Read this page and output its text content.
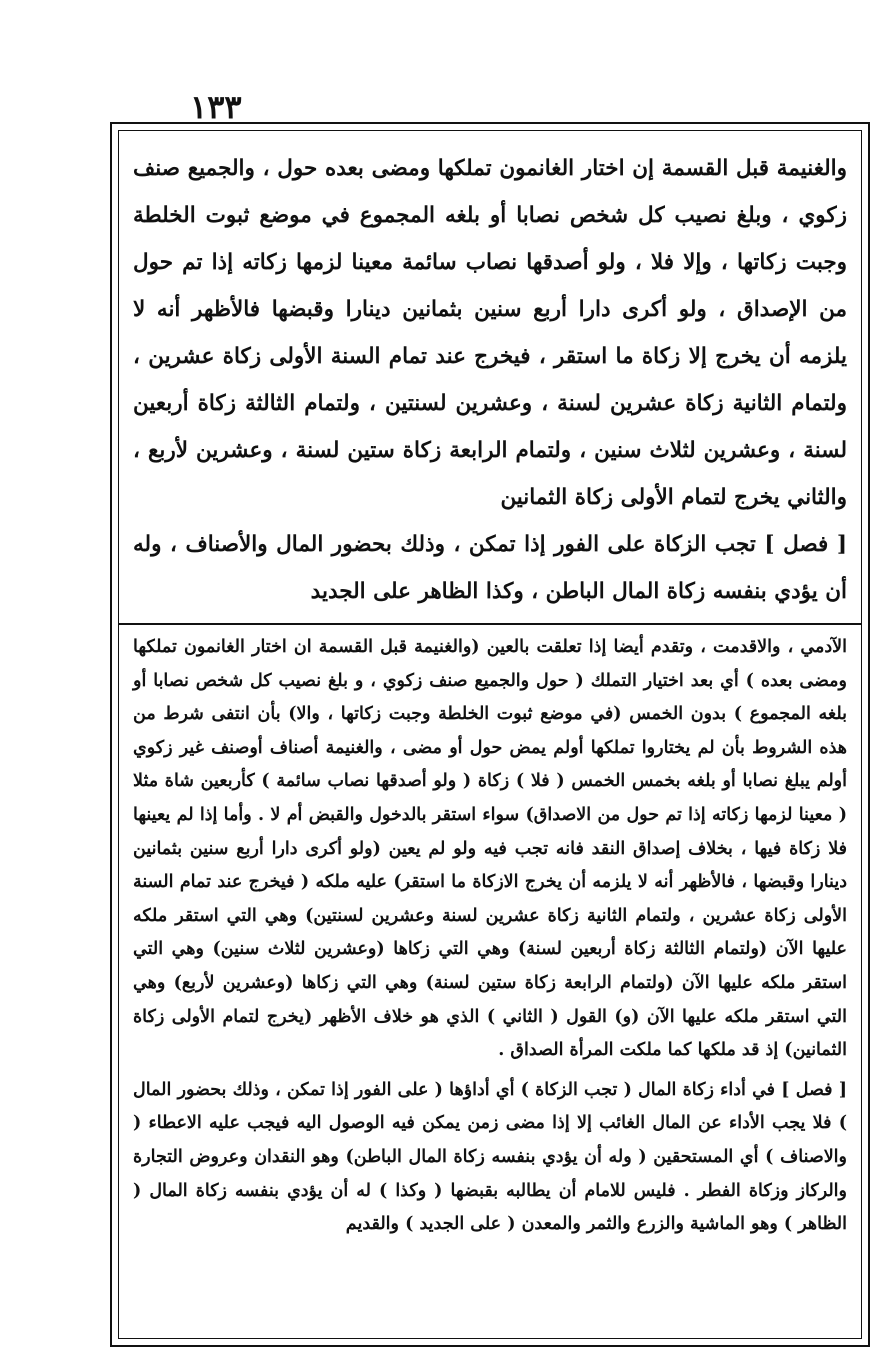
١٣٣

والغنيمة قبل القسمة إن اختار الغانمون تملكها ومضى بعده حول ، والجميع صنف زكوي ، وبلغ نصيب كل شخص نصابا أو بلغه المجموع في موضع ثبوت الخلطة وجبت زكاتها ، وإلا فلا ، ولو أصدقها نصاب سائمة معينا لزمها زكاته إذا تم حول من الإصداق ، ولو أكرى دارا أربع سنين بثمانين دينارا وقبضها فالأظهر أنه لا يلزمه أن يخرج إلا زكاة ما استقر ، فيخرج عند تمام السنة الأولى زكاة عشرين ، ولتمام الثانية زكاة عشرين لسنة ، وعشرين لسنتين ، ولتمام الثالثة زكاة أربعين لسنة ، وعشرين لثلاث سنين ، ولتمام الرابعة زكاة ستين لسنة ، وعشرين لأربع ، والثاني يخرج لتمام الأولى زكاة الثمانين

[ فصل ] تجب الزكاة على الفور إذا تمكن ، وذلك بحضور المال والأصناف ، وله أن يؤدي بنفسه زكاة المال الباطن ، وكذا الظاهر على الجديد

الآدمي ، والاقدمت ، وتقدم أيضا إذا تعلقت بالعين (والغنيمة قبل القسمة ان اختار الغانمون تملكها ومضى بعده ) أي بعد اختيار التملك ( حول والجميع صنف زكوي ، و بلغ نصيب كل شخص نصابا أو بلغه المجموع ) بدون الخمس (في موضع ثبوت الخلطة وجبت زكاتها ، والا) بأن انتفى شرط من هذه الشروط بأن لم يختاروا تملكها أولم يمض حول أو مضى ، والغنيمة أصناف أوصنف غير زكوي أولم يبلغ نصابا أو بلغه بخمس الخمس ( فلا ) زكاة ( ولو أصدقها نصاب سائمة ) كأربعين شاة مثلا ( معينا لزمها زكاته إذا تم حول من الاصداق) سواء استقر بالدخول والقبض أم لا . وأما إذا لم يعينها فلا زكاة فيها ، بخلاف إصداق النقد فانه تجب فيه ولو لم يعين (ولو أكرى دارا أربع سنين بثمانين دينارا وقبضها ، فالأظهر أنه لا يلزمه أن يخرج الازكاة ما استقر) عليه ملكه ( فيخرج عند تمام السنة الأولى زكاة عشرين ، ولتمام الثانية زكاة عشرين لسنة وعشرين لسنتين) وهي التي استقر ملكه عليها الآن (ولتمام الثالثة زكاة أربعين لسنة) وهي التي زكاها (وعشرين لثلاث سنين) وهي التي استقر ملكه عليها الآن (ولتمام الرابعة زكاة ستين لسنة) وهي التي زكاها (وعشرين لأربع) وهي التي استقر ملكه عليها الآن (و) القول ( الثاني ) الذي هو خلاف الأظهر (يخرج لتمام الأولى زكاة الثمانين) إذ قد ملكها كما ملكت المرأة الصداق .

[ فصل ] في أداء زكاة المال ( تجب الزكاة ) أي أداؤها ( على الفور إذا تمكن ، وذلك بحضور المال ) فلا يجب الأداء عن المال الغائب إلا إذا مضى زمن يمكن فيه الوصول اليه فيجب عليه الاعطاء ( والاصناف ) أي المستحقين ( وله أن يؤدي بنفسه زكاة المال الباطن) وهو النقدان وعروض التجارة والركاز وزكاة الفطر . فليس للامام أن يطالبه بقبضها ( وكذا ) له أن يؤدي بنفسه زكاة المال ( الظاهر ) وهو الماشية والزرع والثمر والمعدن ( على الجديد ) والقديم
